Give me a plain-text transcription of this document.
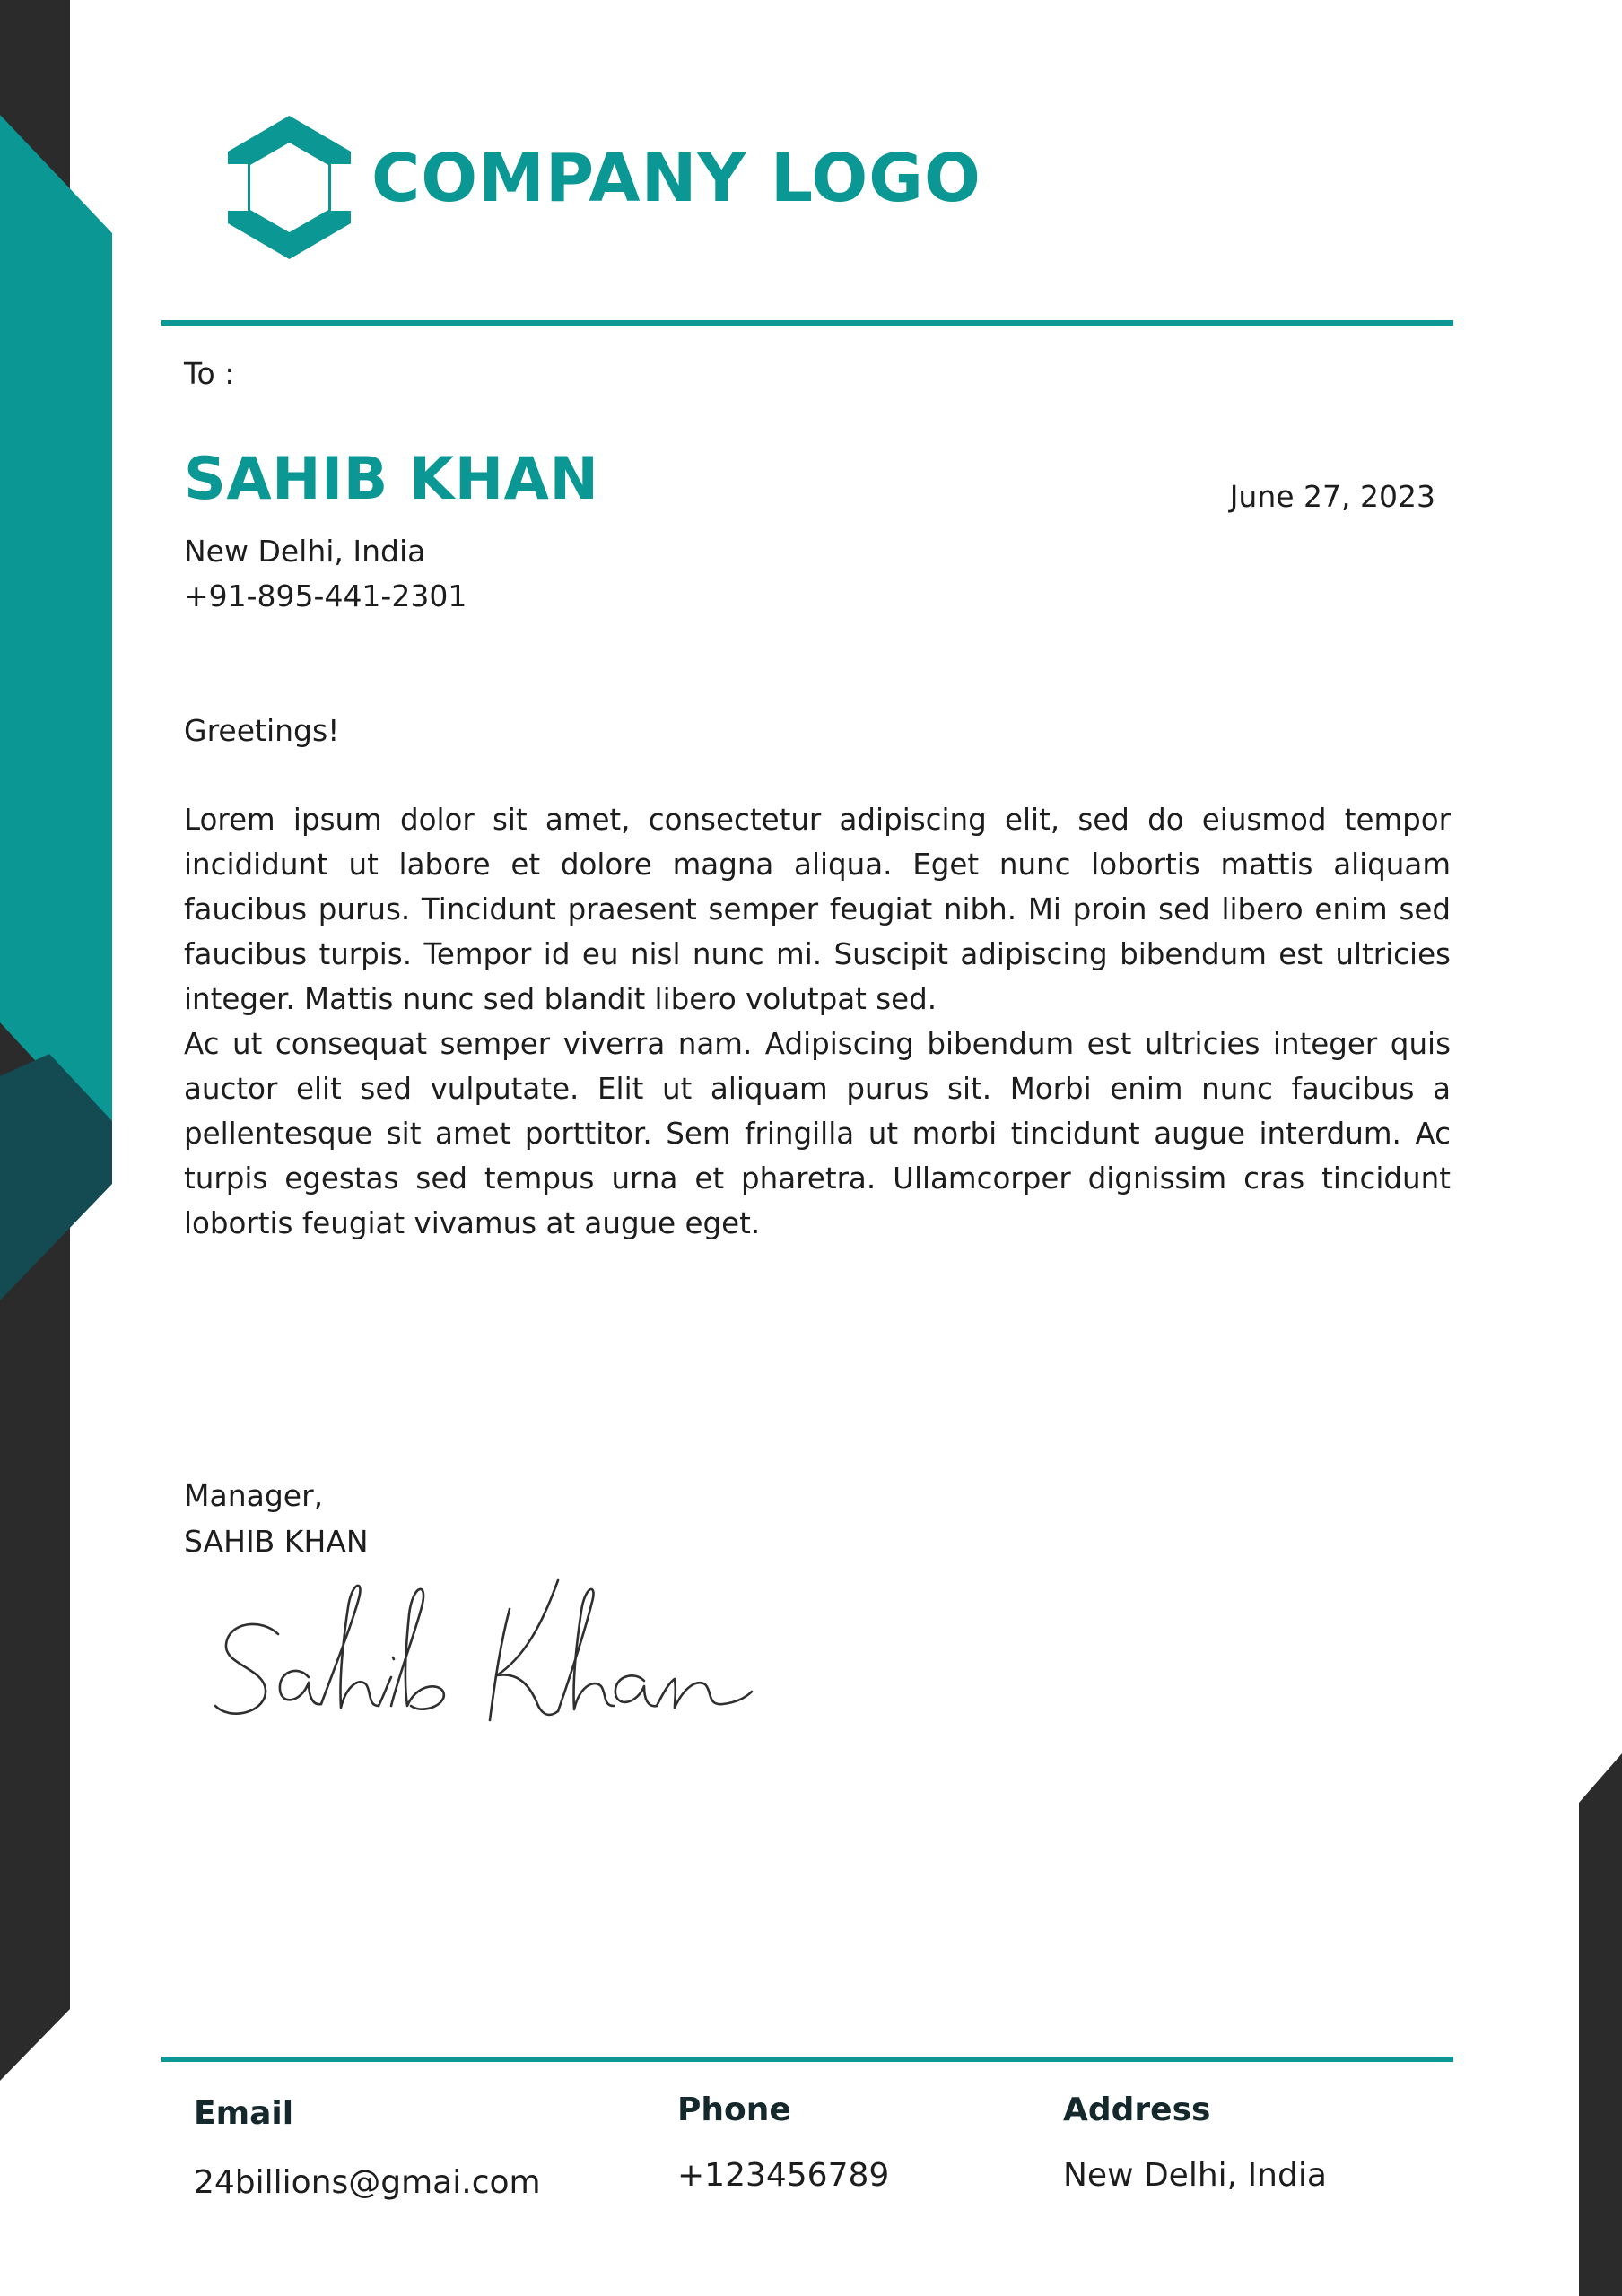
COMPANY LOGO
To :
SAHIB KHAN	June 27, 2023
New Delhi, India
+91-895-441-2301
Greetings!

Lorem ipsum dolor sit amet, consectetur adipiscing elit, sed do eiusmod tempor incididunt ut labore et dolore magna aliqua. Eget nunc lobortis mattis aliquam faucibus purus. Tincidunt praesent semper feugiat nibh. Mi proin sed libero enim sed faucibus turpis. Tempor id eu nisl nunc mi. Suscipit adipiscing bibendum est ultricies integer. Mattis nunc sed blandit libero volutpat sed.

Ac ut consequat semper viverra nam. Adipiscing bibendum est ultricies integer quis auctor elit sed vulputate. Elit ut aliquam purus sit. Morbi enim nunc faucibus a pellentesque sit amet porttitor. Sem fringilla ut morbi tincidunt augue interdum. Ac turpis egestas sed tempus urna et pharetra. Ullamcorper dignissim cras tincidunt lobortis feugiat vivamus at augue eget.

Manager,
SAHIB KHAN
Email
24billions@gmai.com
Phone
+123456789
Address
New Delhi, India
